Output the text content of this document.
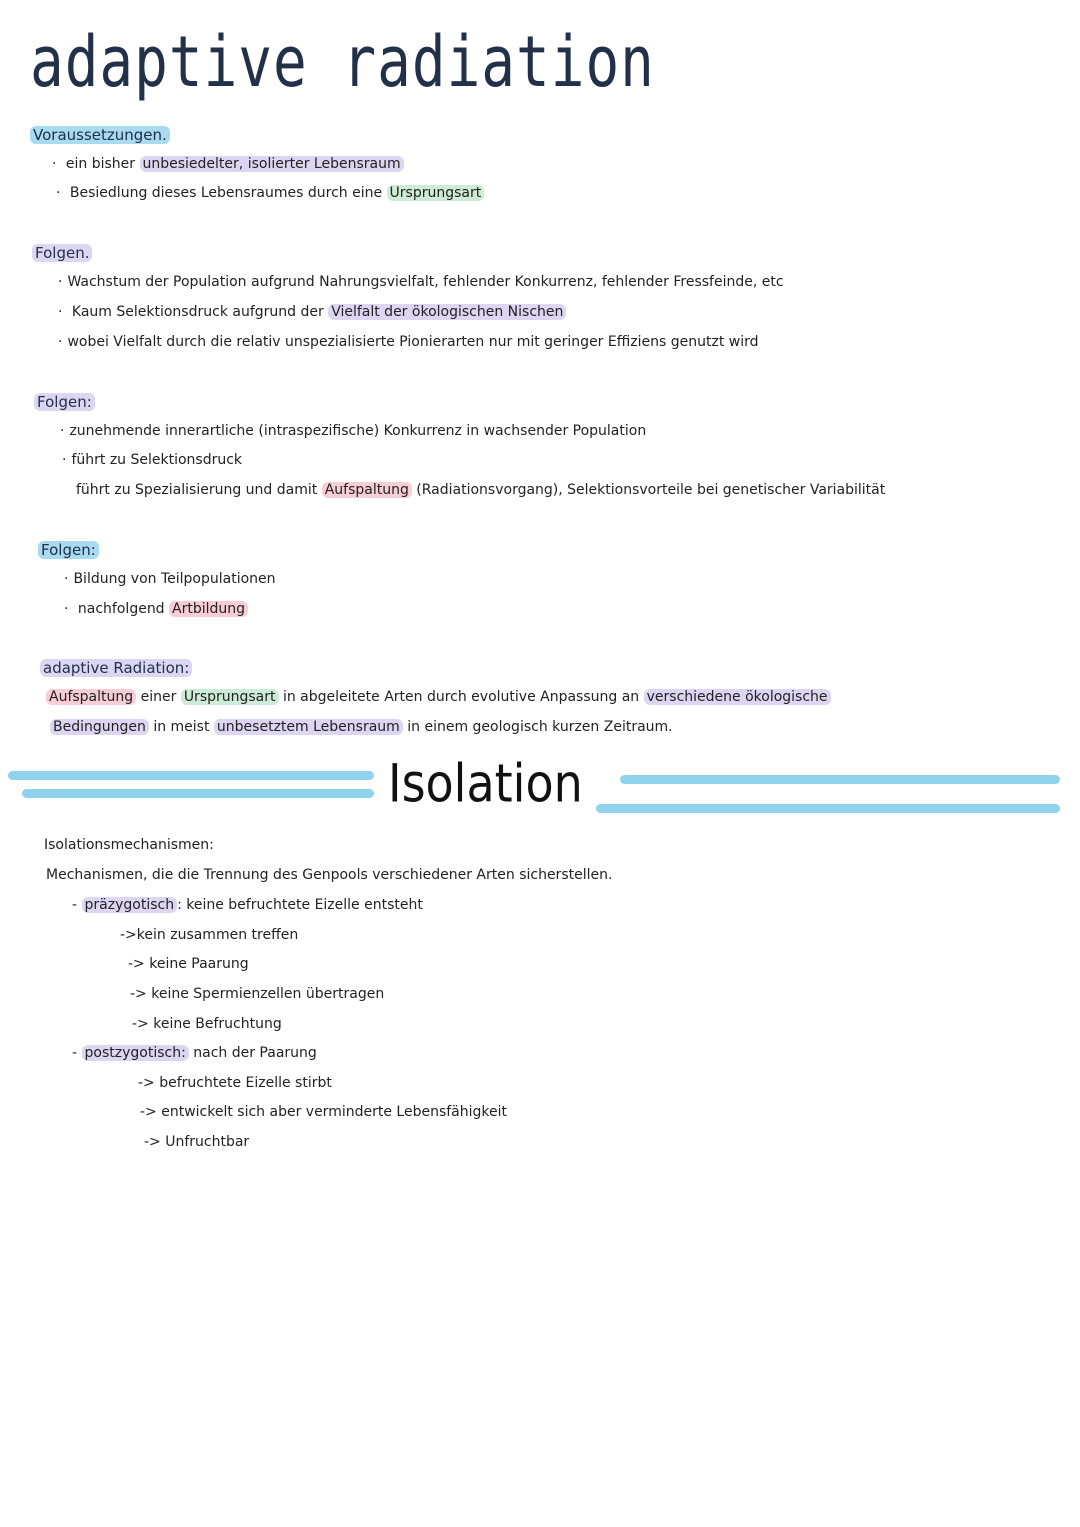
adaptive radiation
Voraussetzungen.
· ein bisher unbesiedelter, isolierter Lebensraum
· Besiedlung dieses Lebensraumes durch eine Ursprungsart
Folgen.
· Wachstum der Population aufgrund Nahrungsvielfalt, fehlender Konkurrenz, fehlender Fressfeinde, etc
· Kaum Selektionsdruck aufgrund der Vielfalt der ökologischen Nischen
· wobei Vielfalt durch die relativ unspezialisierte Pionierarten nur mit geringer Effiziens genutzt wird
Folgen:
· zunehmende innerartliche (intraspezifische) Konkurrenz in wachsender Population
· führt zu Selektionsdruck
führt zu Spezialisierung und damit Aufspaltung (Radiationsvorgang), Selektionsvorteile bei genetischer Variabilität
Folgen:
· Bildung von Teilpopulationen
· nachfolgend Artbildung
adaptive Radiation:
Aufspaltung einer Ursprungsart in abgeleitete Arten durch evolutive Anpassung an verschiedene ökologische
Bedingungen in meist unbesetztem Lebensraum in einem geologisch kurzen Zeitraum.
Isolation
Isolationsmechanismen:
Mechanismen, die die Trennung des Genpools verschiedener Arten sicherstellen.
- präzygotisch : keine befruchtete Eizelle entsteht
->kein zusammen treffen
-> keine Paarung
-> keine Spermienzellen übertragen
-> keine Befruchtung
- postzygotisch: nach der Paarung
-> befruchtete Eizelle stirbt
-> entwickelt sich aber verminderte Lebensfähigkeit
-> Unfruchtbar
